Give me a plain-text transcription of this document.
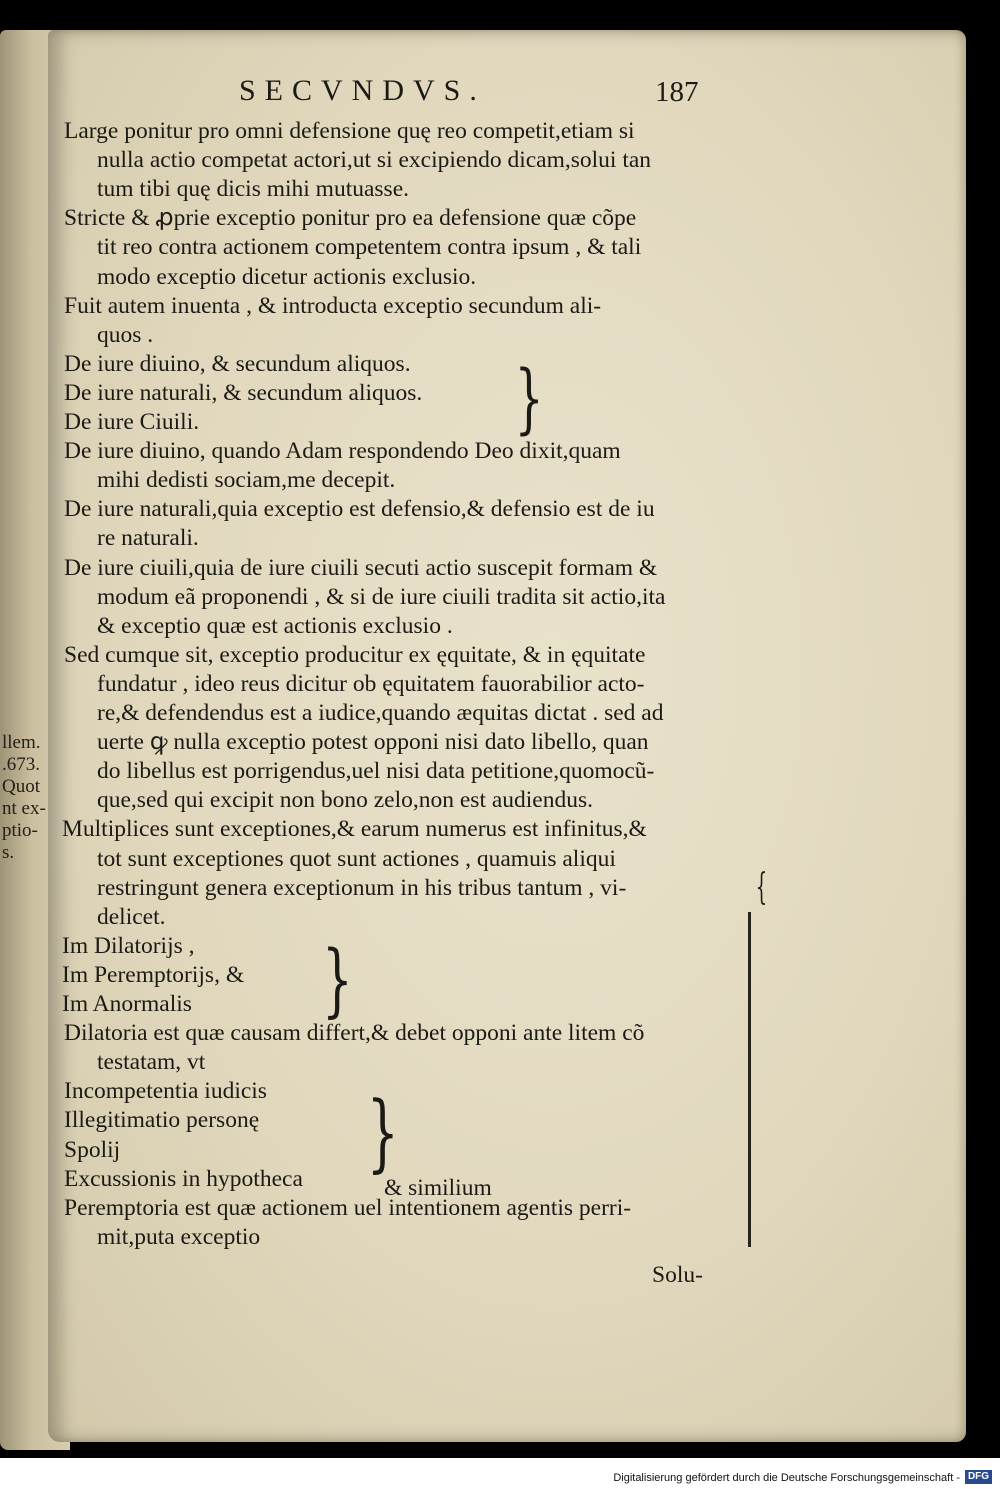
llem.
.673.
Quot
nt ex-
ptio-
s.
SECVNDVS.	187
Large ponitur pro omni defensione quę reo competit,etiam si
nulla actio competat actori,ut si excipiendo dicam,solui tan
tum tibi quę dicis mihi mutuasse.
Stricte & ꝓprie exceptio ponitur pro ea defensione quæ cõpe
tit reo contra actionem competentem contra ipsum , & tali
modo exceptio dicetur actionis exclusio.
Fuit autem inuenta , & introducta exceptio secundum ali-
quos .
De iure diuino, & secundum aliquos.
De iure naturali, & secundum aliquos.
De iure Ciuili.
De iure diuino, quando Adam respondendo Deo dixit,quam
mihi dedisti sociam,me decepit.
De iure naturali,quia exceptio est defensio,& defensio est de iu
re naturali.
De iure ciuili,quia de iure ciuili secuti actio suscepit formam &
modum eã proponendi , & si de iure ciuili tradita sit actio,ita
& exceptio quæ est actionis exclusio .
Sed cumque sit, exceptio producitur ex ęquitate, & in ęquitate
fundatur , ideo reus dicitur ob ęquitatem fauorabilior acto-
re,& defendendus est a iudice,quando æquitas dictat . sed ad
uerte ꝙ nulla exceptio potest opponi nisi dato libello, quan
do libellus est porrigendus,uel nisi data petitione,quomocũ-
que,sed qui excipit non bono zelo,non est audiendus.
Multiplices sunt exceptiones,& earum numerus est infinitus,&
tot sunt exceptiones quot sunt actiones , quamuis aliqui
restringunt genera exceptionum in his tribus tantum , vi-
delicet.
Im Dilatorijs ,
Im Peremptorijs, &
Im Anormalis
Dilatoria est quæ causam differt,& debet opponi ante litem cõ
testatam, vt
Incompetentia iudicis
Illegitimatio personę
Spolij
Excussionis in hypotheca
Peremptoria est quæ actionem uel intentionem agentis perri-
mit,puta exceptio
}
}
}
{
& similium
Solu-
Digitalisierung gefördert durch die Deutsche Forschungsgemeinschaft - DFG
